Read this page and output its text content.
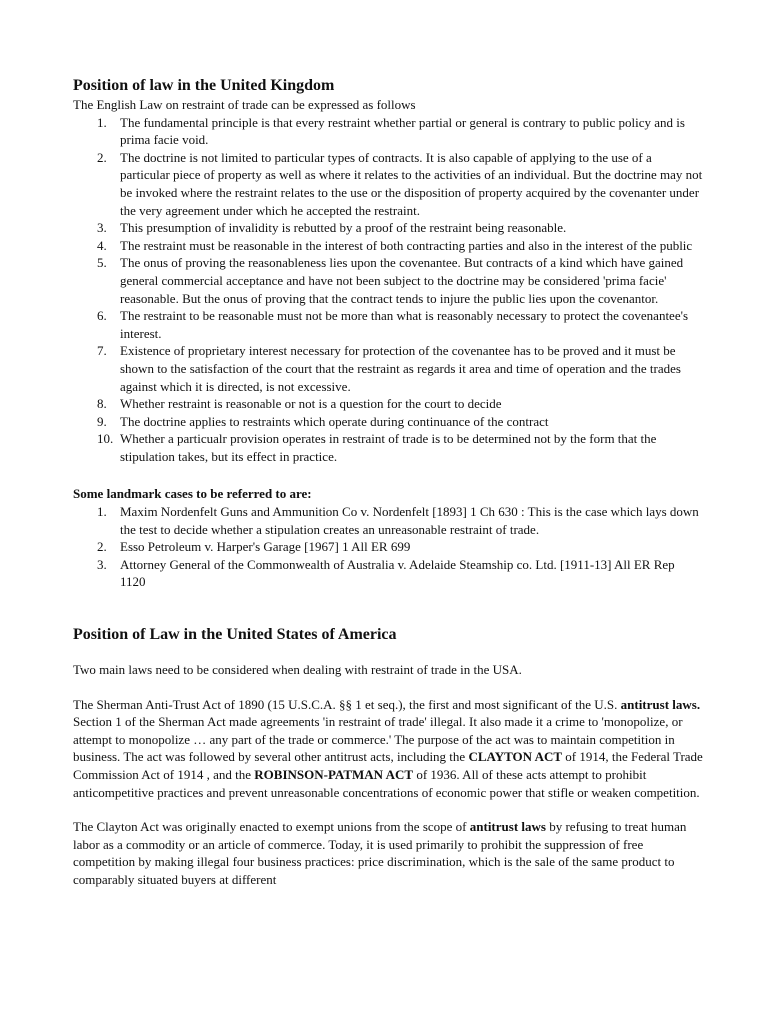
Position of law in the United Kingdom

The English Law on restraint of trade can be expressed as follows

1. The fundamental principle is that every restraint whether partial or general is contrary to public policy and is prima facie void.
2. The doctrine is not limited to particular types of contracts. It is also capable of applying to the use of a particular piece of property as well as where it relates to the activities of an individual. But the doctrine may not be invoked where the restraint relates to the use or the disposition of property acquired by the covenanter under the very agreement under which he accepted the restraint.
3. This presumption of invalidity is rebutted by a proof of the restraint being reasonable.
4. The restraint must be reasonable in the interest of both contracting parties and also in the interest of the public
5. The onus of proving the reasonableness lies upon the covenantee. But contracts of a kind which have gained general commercial acceptance and have not been subject to the doctrine may be considered 'prima facie' reasonable. But the onus of proving that the contract tends to injure the public lies upon the covenantor.
6. The restraint to be reasonable must not be more than what is reasonably necessary to protect the covenantee's interest.
7. Existence of proprietary interest necessary for protection of the covenantee has to be proved and it must be shown to the satisfaction of the court that the restraint as regards it area and time of operation and the trades against which it is directed, is not excessive.
8. Whether restraint is reasonable or not is a question for the court to decide
9. The doctrine applies to restraints which operate during continuance of the contract
10. Whether a particualr provision operates in restraint of trade is to be determined not by the form that the stipulation takes, but its effect in practice.

Some landmark cases to be referred to are:

1. Maxim Nordenfelt Guns and Ammunition Co v. Nordenfelt [1893] 1 Ch 630 : This is the case which lays down the test to decide whether a stipulation creates an unreasonable restraint of trade.
2. Esso Petroleum v. Harper's Garage [1967] 1 All ER 699
3. Attorney General of the Commonwealth of Australia v. Adelaide Steamship co. Ltd. [1911-13] All ER Rep 1120
Position of Law in the United States of America

Two main laws need to be considered when dealing with restraint of trade in the USA.

The Sherman Anti-Trust Act of 1890 (15 U.S.C.A. §§ 1 et seq.), the first and most significant of the U.S. antitrust laws. Section 1 of the Sherman Act made agreements 'in restraint of trade' illegal. It also made it a crime to 'monopolize, or attempt to monopolize … any part of the trade or commerce.' The purpose of the act was to maintain competition in business. The act was followed by several other antitrust acts, including the CLAYTON ACT of 1914, the Federal Trade Commission Act of 1914 , and the ROBINSON-PATMAN ACT of 1936. All of these acts attempt to prohibit anticompetitive practices and prevent unreasonable concentrations of economic power that stifle or weaken competition.

The Clayton Act was originally enacted to exempt unions from the scope of antitrust laws by refusing to treat human labor as a commodity or an article of commerce. Today, it is used primarily to prohibit the suppression of free competition by making illegal four business practices: price discrimination, which is the sale of the same product to comparably situated buyers at different
